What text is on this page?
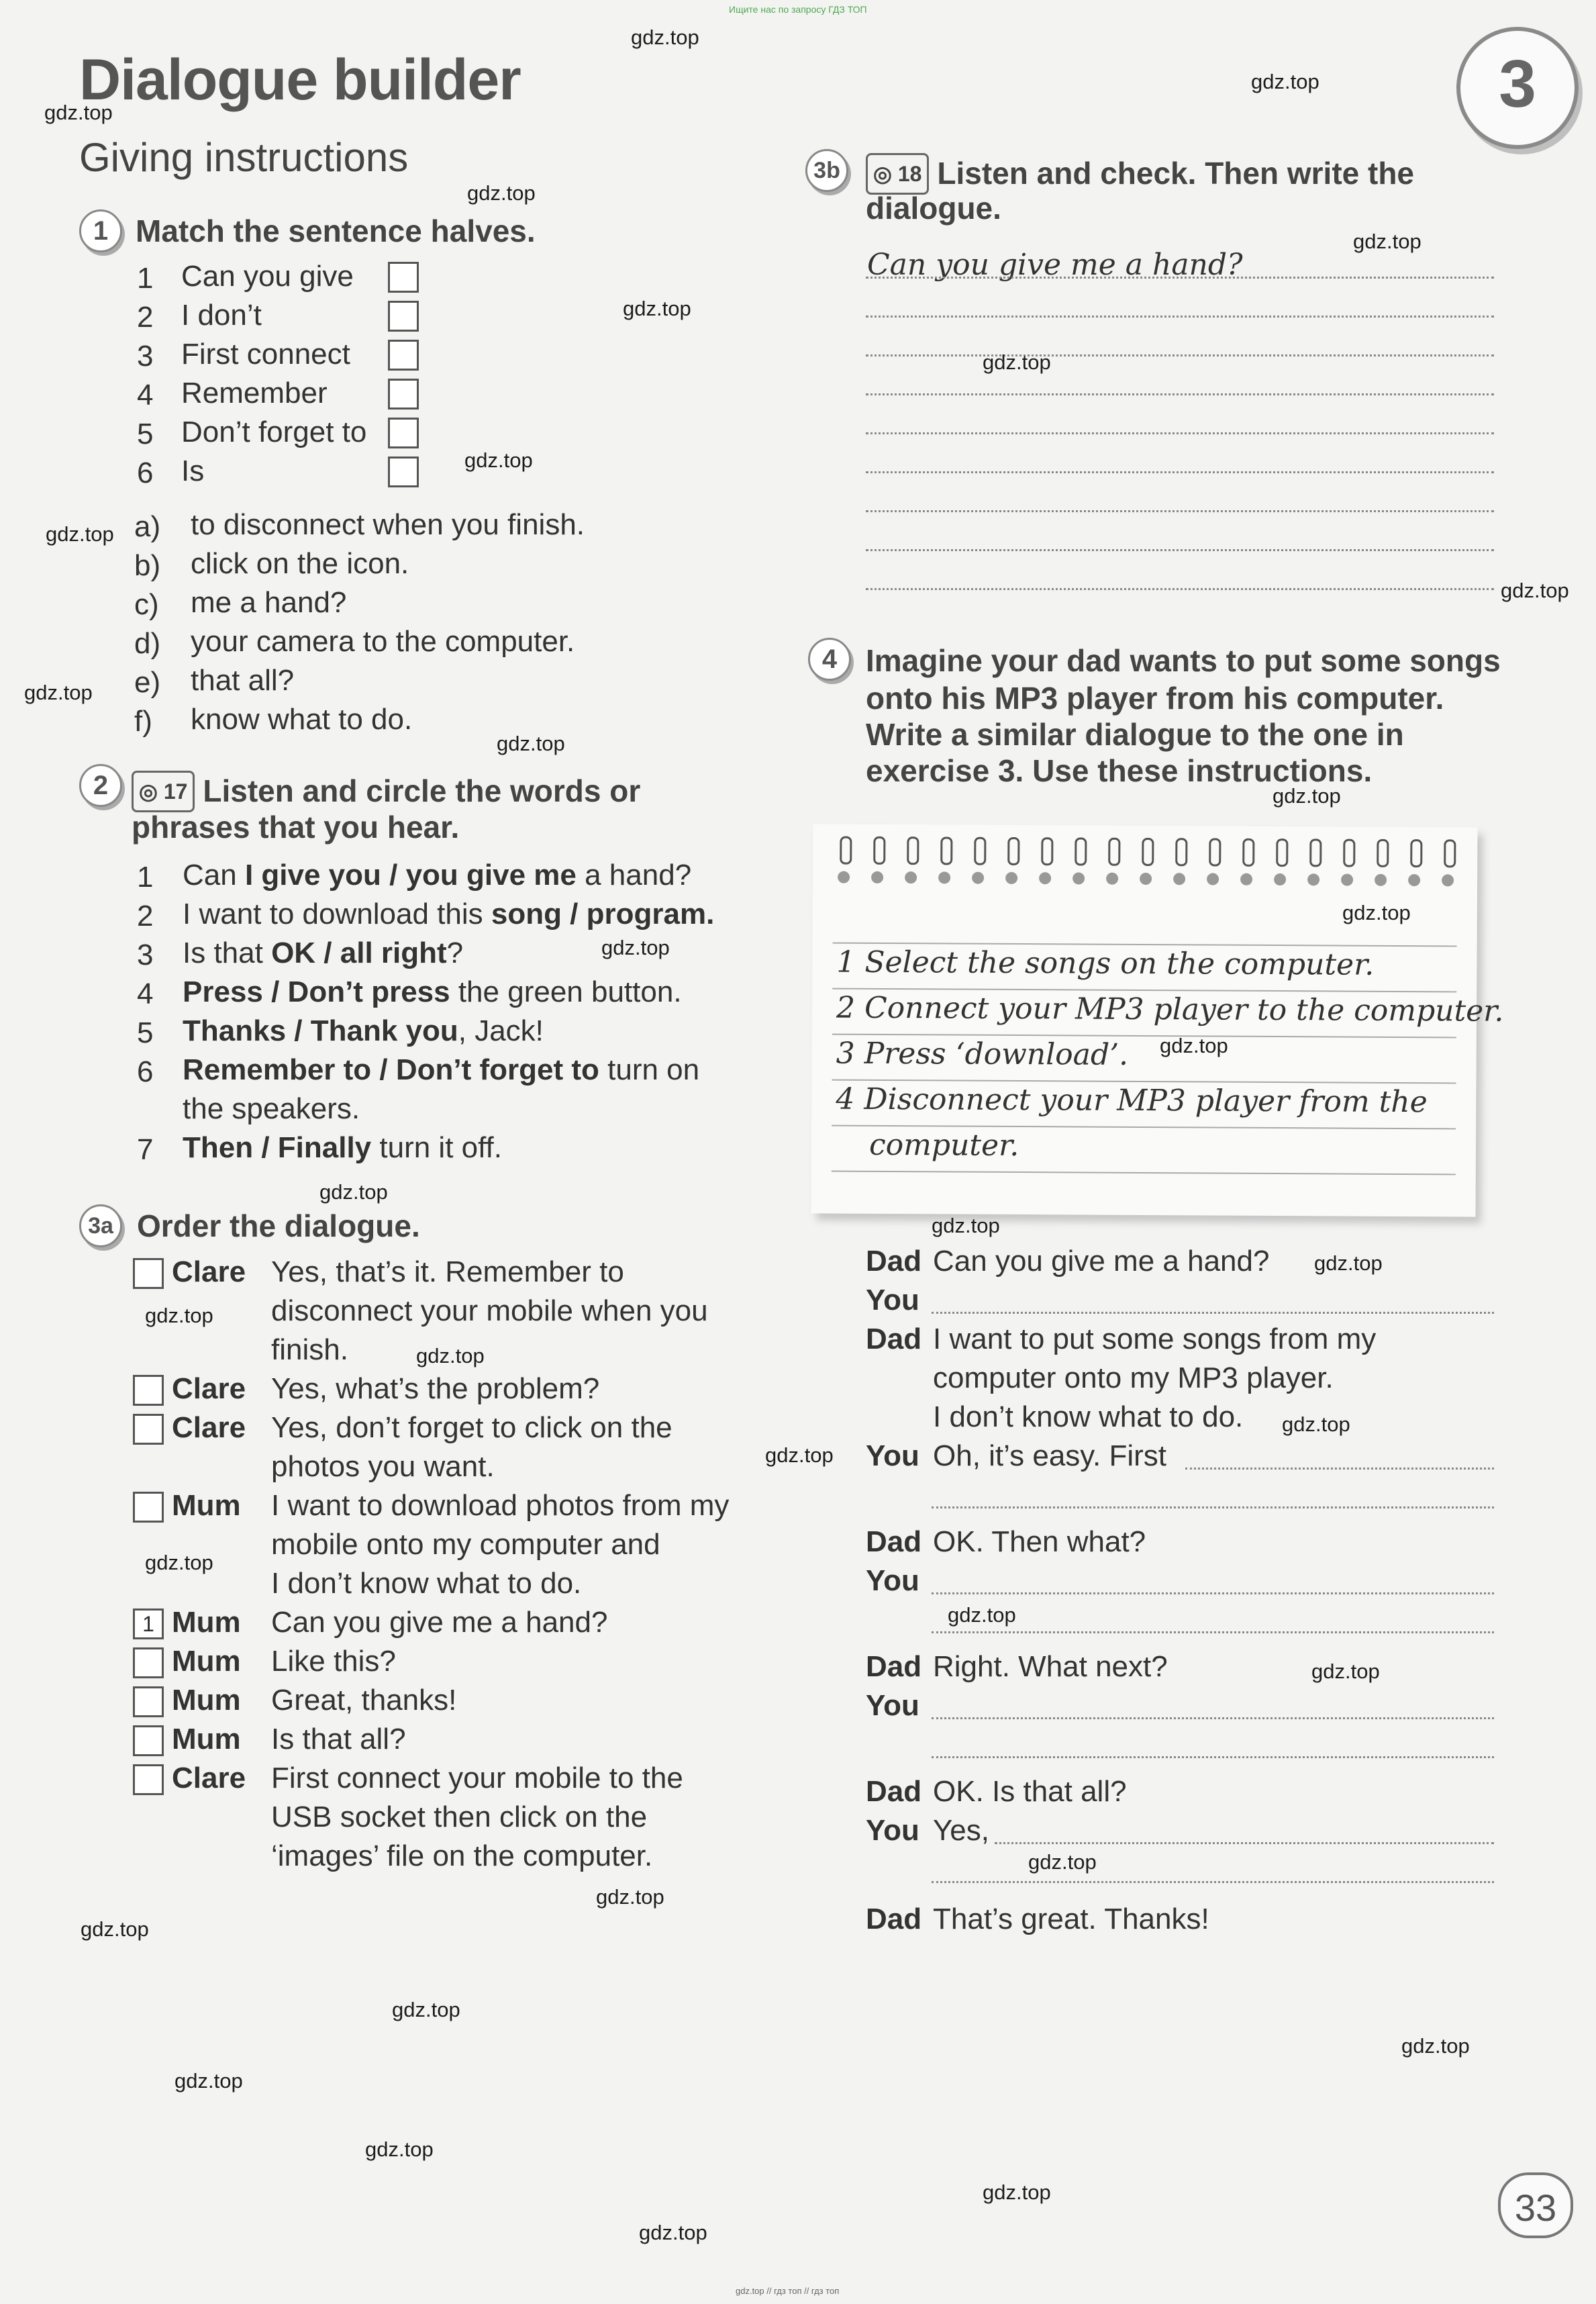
Ищите нас по запросу ГДЗ ТОП
gdz.top // гдз топ // гдз топ
Dialogue builder
Giving instructions
3
33
1 Match the sentence halves.
1 Can you give
2 I don’t
3 First connect
4 Remember
5 Don’t forget to
6 Is
a) to disconnect when you finish.
b) click on the icon.
c) me a hand?
d) your camera to the computer.
e) that all?
f) know what to do.
2	◎ 17 Listen and circle the words or
phrases that you hear.
1 Can I give you / you give me a hand?
2 I want to download this song / program.
3 Is that OK / all right?
4 Press / Don’t press the green button.
5 Thanks / Thank you, Jack!
6 Remember to / Don’t forget to turn on
the speakers.
7 Then / Finally turn it off.
3a Order the dialogue.
Clare Yes, that’s it. Remember to
disconnect your mobile when you
finish.
Clare Yes, what’s the problem?
Clare Yes, don’t forget to click on the
photos you want.
Mum I want to download photos from my
mobile onto my computer and
I don’t know what to do.
1 Mum Can you give me a hand?
Mum Like this?
Mum Great, thanks!
Mum Is that all?
Clare First connect your mobile to the
USB socket then click on the
‘images’ file on the computer.
3b	◎ 18 Listen and check. Then write the
dialogue.
Can you give me a hand?
4 Imagine your dad wants to put some songs
onto his MP3 player from his computer.
Write a similar dialogue to the one in
exercise 3. Use these instructions.
1 Select the songs on the computer.
2 Connect your MP3 player to the computer.
3 Press ‘download’.
4 Disconnect your MP3 player from the
computer.
Dad Can you give me a hand?
You
Dad I want to put some songs from my
computer onto my MP3 player.
I don’t know what to do.
You Oh, it’s easy. First
Dad OK. Then what?
You
Dad Right. What next?
You
Dad OK. Is that all?
You Yes,
Dad That’s great. Thanks!
gdz.top
gdz.top
gdz.top
gdz.top
gdz.top
gdz.top
gdz.top
gdz.top
gdz.top
gdz.top
gdz.top
gdz.top
gdz.top
gdz.top
gdz.top
gdz.top
gdz.top
gdz.top
gdz.top
gdz.top
gdz.top
gdz.top
gdz.top
gdz.top
gdz.top
gdz.top
gdz.top
gdz.top
gdz.top
gdz.top
gdz.top
gdz.top
gdz.top
gdz.top
gdz.top
